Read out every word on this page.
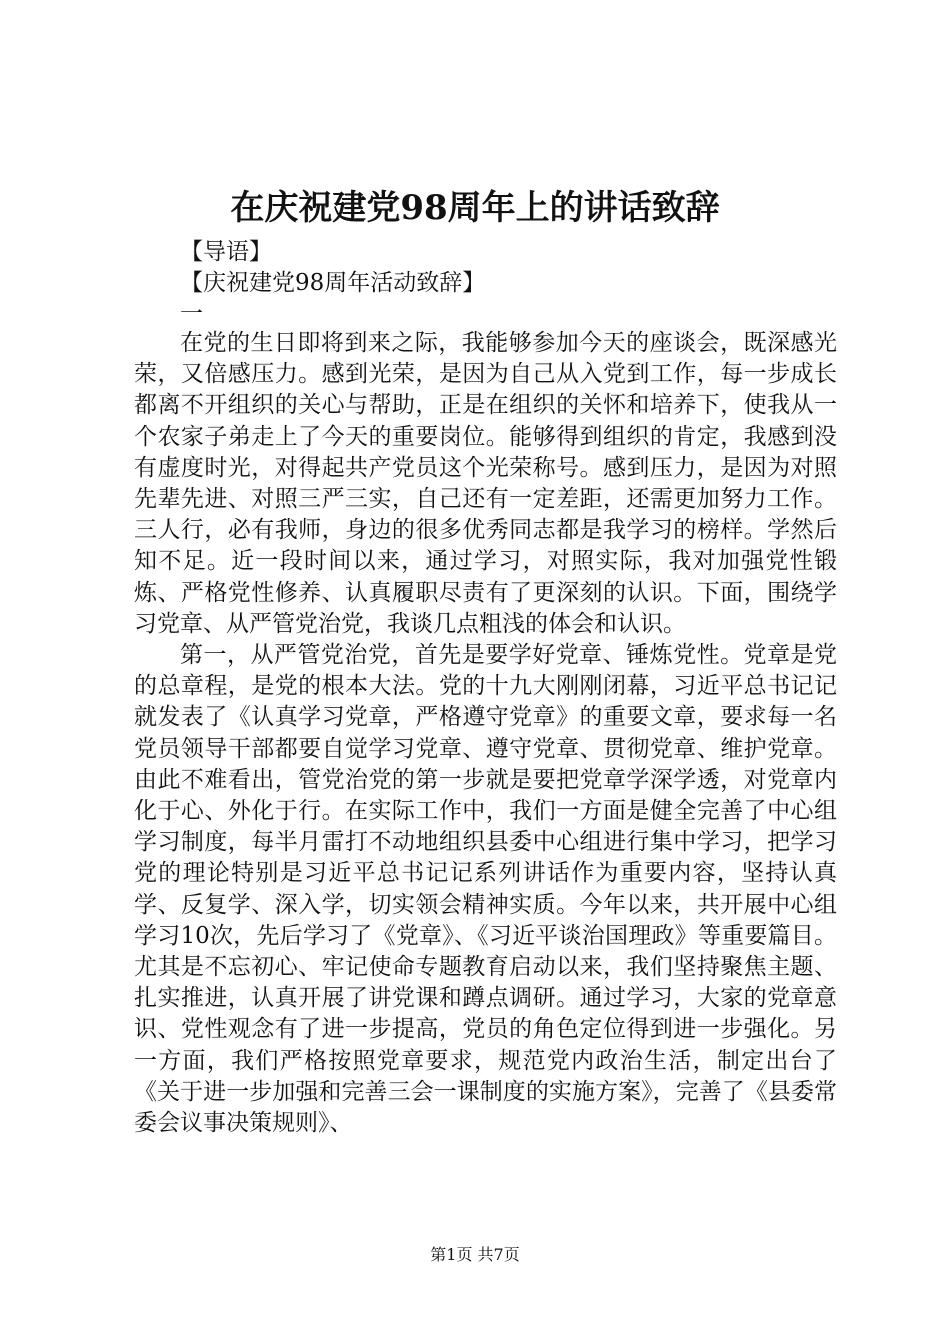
在庆祝建党98周年上的讲话致辞
【导语】
【庆祝建党98周年活动致辞】
一

在党的生日即将到来之际，我能够参加今天的座谈会，既深感光荣，又倍感压力。感到光荣，是因为自己从入党到工作，每一步成长都离不开组织的关心与帮助，正是在组织的关怀和培养下，使我从一个农家子弟走上了今天的重要岗位。能够得到组织的肯定，我感到没有虚度时光，对得起共产党员这个光荣称号。感到压力，是因为对照先辈先进、对照三严三实，自己还有一定差距，还需更加努力工作。三人行，必有我师，身边的很多优秀同志都是我学习的榜样。学然后知不足。近一段时间以来，通过学习，对照实际，我对加强党性锻炼、严格党性修养、认真履职尽责有了更深刻的认识。下面，围绕学习党章、从严管党治党，我谈几点粗浅的体会和认识。

第一，从严管党治党，首先是要学好党章、锤炼党性。党章是党的总章程，是党的根本大法。党的十九大刚刚闭幕，习近平总书记记就发表了《认真学习党章，严格遵守党章》的重要文章，要求每一名党员领导干部都要自觉学习党章、遵守党章、贯彻党章、维护党章。由此不难看出，管党治党的第一步就是要把党章学深学透，对党章内化于心、外化于行。在实际工作中，我们一方面是健全完善了中心组学习制度，每半月雷打不动地组织县委中心组进行集中学习，把学习党的理论特别是习近平总书记记系列讲话作为重要内容，坚持认真学、反复学、深入学，切实领会精神实质。今年以来，共开展中心组学习10次，先后学习了《党章》、《习近平谈治国理政》等重要篇目。尤其是不忘初心、牢记使命专题教育启动以来，我们坚持聚焦主题、扎实推进，认真开展了讲党课和蹲点调研。通过学习，大家的党章意识、党性观念有了进一步提高，党员的角色定位得到进一步强化。另一方面，我们严格按照党章要求，规范党内政治生活，制定出台了《关于进一步加强和完善三会一课制度的实施方案》，完善了《县委常委会议事决策规则》、

第1页 共7页
